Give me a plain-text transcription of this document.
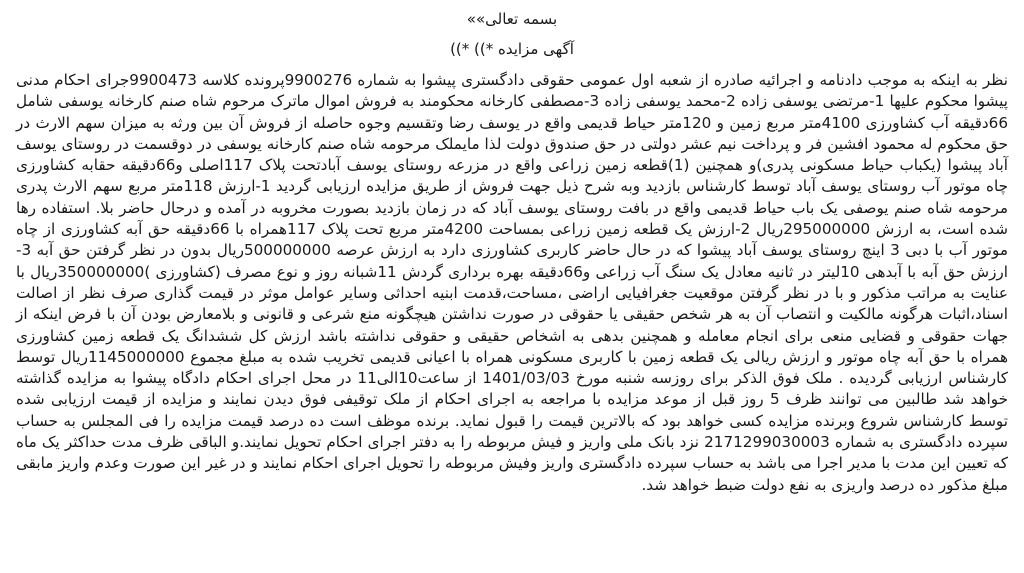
بسمه تعالی»»

آگهی مزایده *)) *))

نظر به اینکه به موجب دادنامه و اجرائیه صادره از شعبه اول عمومی حقوقی دادگستری پیشوا به شماره 9900276پرونده کلاسه 9900473جرای احکام مدنی پیشوا محکوم علیها 1-مرتضی یوسفی زاده 2-محمد یوسفی زاده 3-مصطفی کارخانه محکومند به فروش اموال ماترک مرحوم شاه صنم کارخانه یوسفی شامل 66دقیقه آب کشاورزی 4100متر مربع زمین و 120متر حیاط قدیمی واقع در یوسف رضا وتقسیم وجوه حاصله از فروش آن بین ورثه به میزان سهم الارث در حق محکوم له محمود افشین فر و پرداخت نیم عشر دولتی در حق صندوق دولت لذا مایملک مرحومه شاه صنم کارخانه یوسفی در دوقسمت در روستای یوسف آباد پیشوا (یکباب حیاط مسکونی پدری)و همچنین (1)قطعه زمین زراعی واقع در مزرعه روستای یوسف آبادتحت پلاک 117اصلی و66دقیقه حقابه کشاورزی چاه موتور آب روستای یوسف آباد توسط کارشناس بازدید وبه شرح ذیل جهت فروش از طریق مزایده ارزیابی گردید 1-ارزش 118متر مربع سهم الارث پدری مرحومه شاه صنم یوصفی یک باب حیاط قدیمی واقع در بافت روستای یوسف آباد که در زمان بازدید بصورت مخروبه در آمده و درحال حاضر بلا. استفاده رها شده است، به ارزش 295000000ریال 2-ارزش یک قطعه زمین زراعی بمساحت 4200متر مربع تحت پلاک 117همراه با 66دقیقه حق آبه کشاورزی از چاه موتور آب با دبی 3 اینچ روستای یوسف آباد پیشوا که در حال حاضر کاربری کشاورزی دارد به ارزش عرصه 500000000ریال بدون در نظر گرفتن حق آبه 3-ارزش حق آبه با آبدهی 10لیتر در ثانیه معادل یک سنگ آب زراعی و66دقیقه بهره برداری گردش 11شبانه روز و نوع مصرف (کشاورزی )350000000ریال با عنایت به مراتب مذکور و با در نظر گرفتن موقعیت جغرافیایی اراضی ،مساحت،قدمت ابنیه احداثی وسایر عوامل موثر در قیمت گذاری صرف نظر از اصالت اسناد،اثبات هرگونه مالکیت و انتصاب آن به هر شخص حقیقی یا حقوقی در صورت نداشتن هیچگونه منع شرعی و قانونی و بلامعارض بودن آن با فرض اینکه از جهات حقوقی و قضایی منعی برای انجام معامله و همچنین بدهی به اشخاص حقیقی و حقوقی نداشته باشد ارزش کل ششدانگ یک قطعه زمین کشاورزی همراه با حق آبه چاه موتور و ارزش ریالی یک قطعه زمین با کاربری مسکونی همراه با اعیانی قدیمی تخریب شده به مبلغ مجموع 1145000000ریال توسط کارشناس ارزیابی گردیده . ملک فوق الذکر برای روزسه شنبه مورخ 1401/03/03 از ساعت10الی11 در محل اجرای احکام دادگاه پیشوا به مزایده گذاشته خواهد شد طالبین می توانند ظرف 5 روز قبل از موعد مزایده با مراجعه به اجرای احکام از ملک توقیفی فوق دیدن نمایند و مزایده از قیمت ارزیابی شده توسط کارشناس شروع وبرنده مزایده کسی خواهد بود که بالاترین قیمت را قبول نماید. برنده موظف است ده درصد قیمت مزایده را فی المجلس به حساب سپرده دادگستری به شماره 2171299030003 نزد بانک ملی واریز و فیش مربوطه را به دفتر اجرای احکام تحویل نمایند.و الباقی ظرف مدت حداکثر یک ماه که تعیین این مدت با مدیر اجرا می باشد به حساب سپرده دادگستری واریز وفیش مربوطه را تحویل اجرای احکام نمایند و در غیر این صورت وعدم واریز مابقی مبلغ مذکور ده درصد واریزی به نفع دولت ضبط خواهد شد.
